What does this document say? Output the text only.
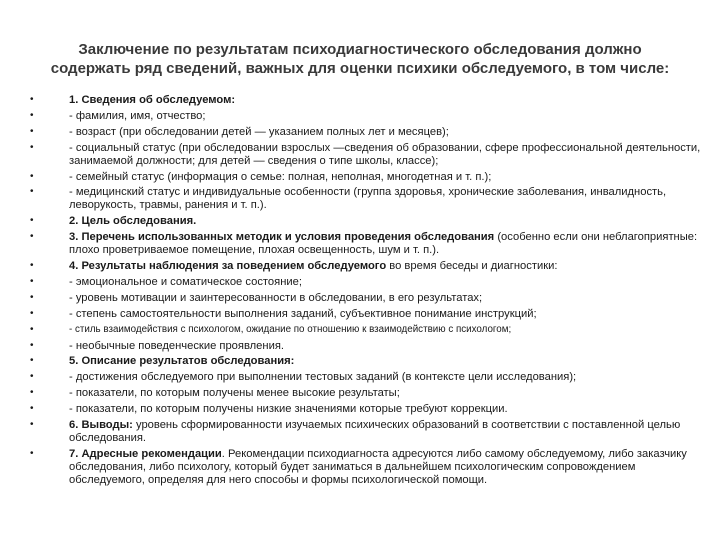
Заключение по результатам психодиагностического обследования должно
содержать ряд сведений, важных для оценки психики обследуемого, в том числе:
•	1. Сведения об обследуемом:
•	- фамилия, имя, отчество;
•	- возраст (при обследовании детей — указанием полных лет и месяцев);
•	- социальный статус (при обследовании взрослых —сведения об образовании, сфере профессиональной деятельности, занимаемой должности; для детей — сведения о типе школы, классе);
•	- семейный статус (информация о семье: полная, неполная, многодетная и т. п.);
•	- медицинский статус и индивидуальные особенности (группа здоровья, хронические заболевания, инвалидность, леворукость, травмы, ранения и т. п.).
•	2. Цель обследования.
•	3. Перечень использованных методик и условия проведения обследования (особенно если они неблагоприятные: плохо проветриваемое помещение, плохая освещенность, шум и т. п.).
•	4. Результаты наблюдения за поведением обследуемого во время беседы и диагностики:
•	- эмоциональное и соматическое состояние;
•	- уровень мотивации и заинтересованности в обследовании, в его результатах;
•	- степень самостоятельности выполнения заданий, субъективное понимание инструкций;
•	- стиль взаимодействия с психологом, ожидание по отношению к взаимодействию с психологом;
•	- необычные поведенческие проявления.
•	5. Описание результатов обследования:
•	- достижения обследуемого при выполнении тестовых заданий (в контексте цели исследования);
•	- показатели, по которым получены менее высокие результаты;
•	- показатели, по которым получены низкие значениями которые требуют коррекции.
•	6. Выводы: уровень сформированности изучаемых психических образований в соответствии с поставленной целью обследования.
•	7. Адресные рекомендации. Рекомендации психодиагноста адресуются либо самому обследуемому, либо заказчику обследования, либо психологу, который будет заниматься в дальнейшем психологическим сопровождением обследуемого, определяя для него способы и формы психологической помощи.
